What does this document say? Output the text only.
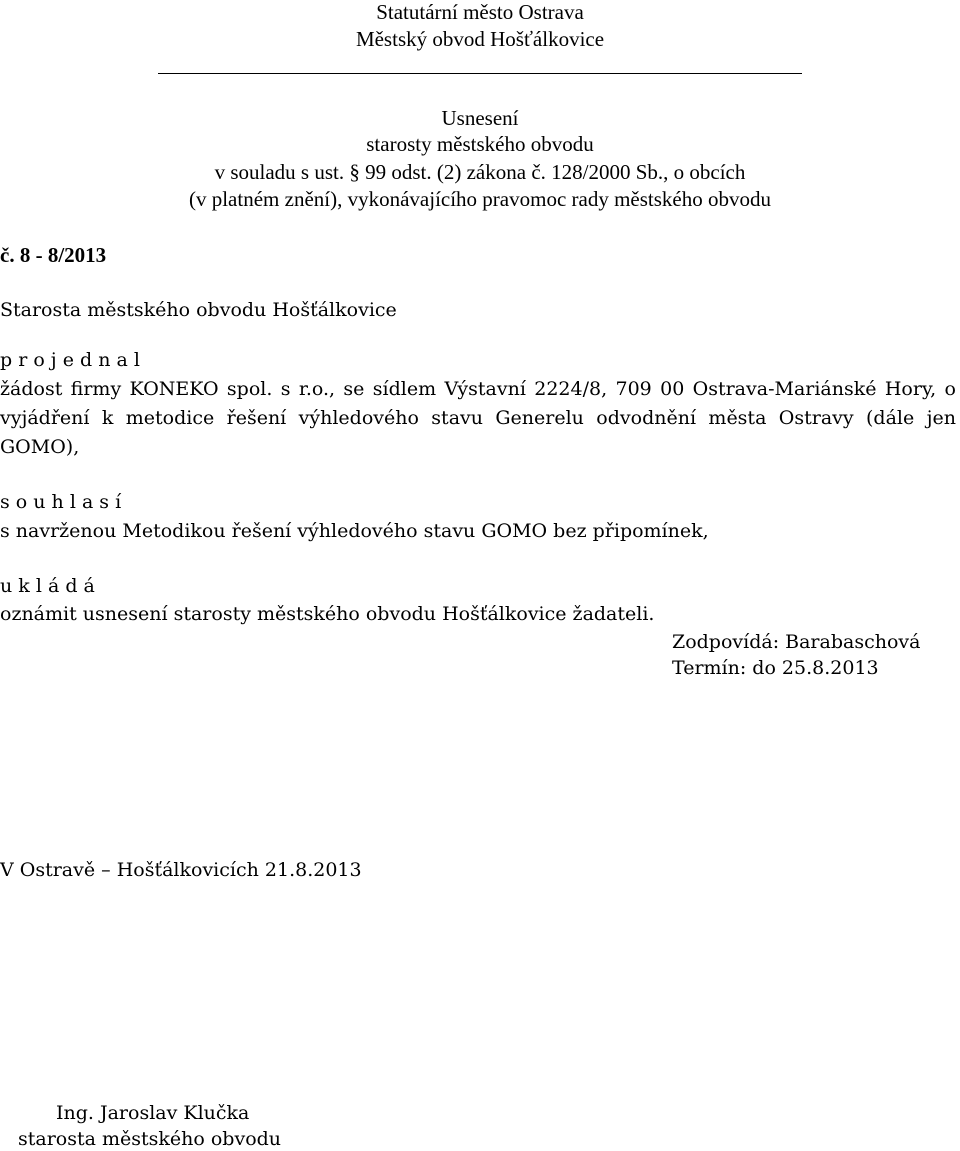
Statutární město Ostrava
Městský obvod Hošťálkovice
Usnesení
starosty městského obvodu
v souladu s ust. § 99 odst. (2) zákona č. 128/2000 Sb., o obcích
(v platném znění), vykonávajícího pravomoc rady městského obvodu
č. 8 - 8/2013
Starosta městského obvodu Hošťálkovice
p r o j e d n a l
žádost firmy KONEKO spol. s r.o., se sídlem Výstavní 2224/8, 709 00 Ostrava-Mariánské Hory, o
vyjádření k metodice řešení výhledového stavu Generelu odvodnění města Ostravy (dále jen
GOMO),
s o u h l a s í
s navrženou Metodikou řešení výhledového stavu GOMO bez připomínek,
u k l á d á
oznámit usnesení starosty městského obvodu Hošťálkovice žadateli.
Zodpovídá: Barabaschová
Termín: do 25.8.2013
V Ostravě – Hošťálkovicích 21.8.2013
Ing. Jaroslav Klučka
starosta městského obvodu
